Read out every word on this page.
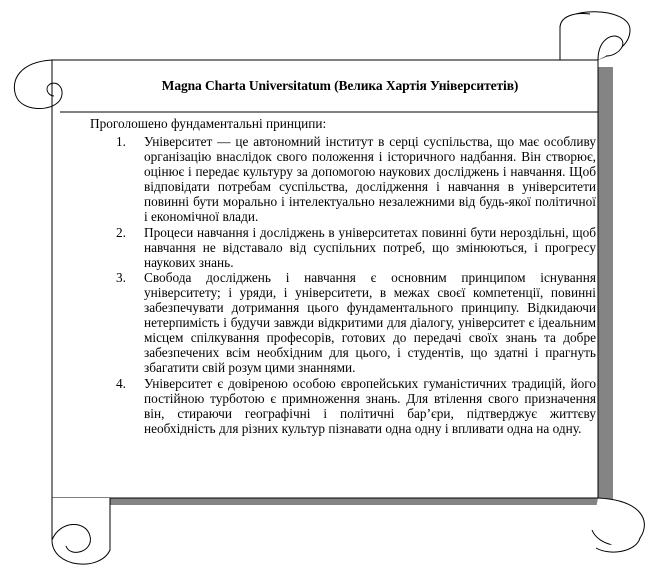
Magna Charta Universitatum (Велика Хартія Університетів)
Проголошено фундаментальні принципи:
1. Університет — це автономний інститут в серці суспільства, що має особливу організацію внаслідок свого положення і історичного надбання. Він створює, оцінює і передає культуру за допомогою наукових досліджень і навчання. Щоб відповідати потребам суспільства, дослідження і навчання в університети повинні бути морально і інтелектуально незалежними від будь-якої політичної і економічної влади.
2. Процеси навчання і досліджень в університетах повинні бути нероздільні, щоб навчання не відставало від суспільних потреб, що змінюються, і прогресу наукових знань.
3. Свобода досліджень і навчання є основним принципом існування університету; і уряди, і університети, в межах своєї компетенції, повинні забезпечувати дотримання цього фундаментального принципу. Відкидаючи нетерпимість і будучи завжди відкритими для діалогу, університет є ідеальним місцем спілкування професорів, готових до передачі своїх знань та добре забезпечених всім необхідним для цього, і студентів, що здатні і прагнуть збагатити свій розум цими знаннями.
4. Університет є довіреною особою європейських гуманістичних традицій, його постійною турботою є примноження знань. Для втілення свого призначення він, стираючи географічні і політичні бар’єри, підтверджує життєву необхідність для різних культур пізнавати одна одну і впливати одна на одну.
